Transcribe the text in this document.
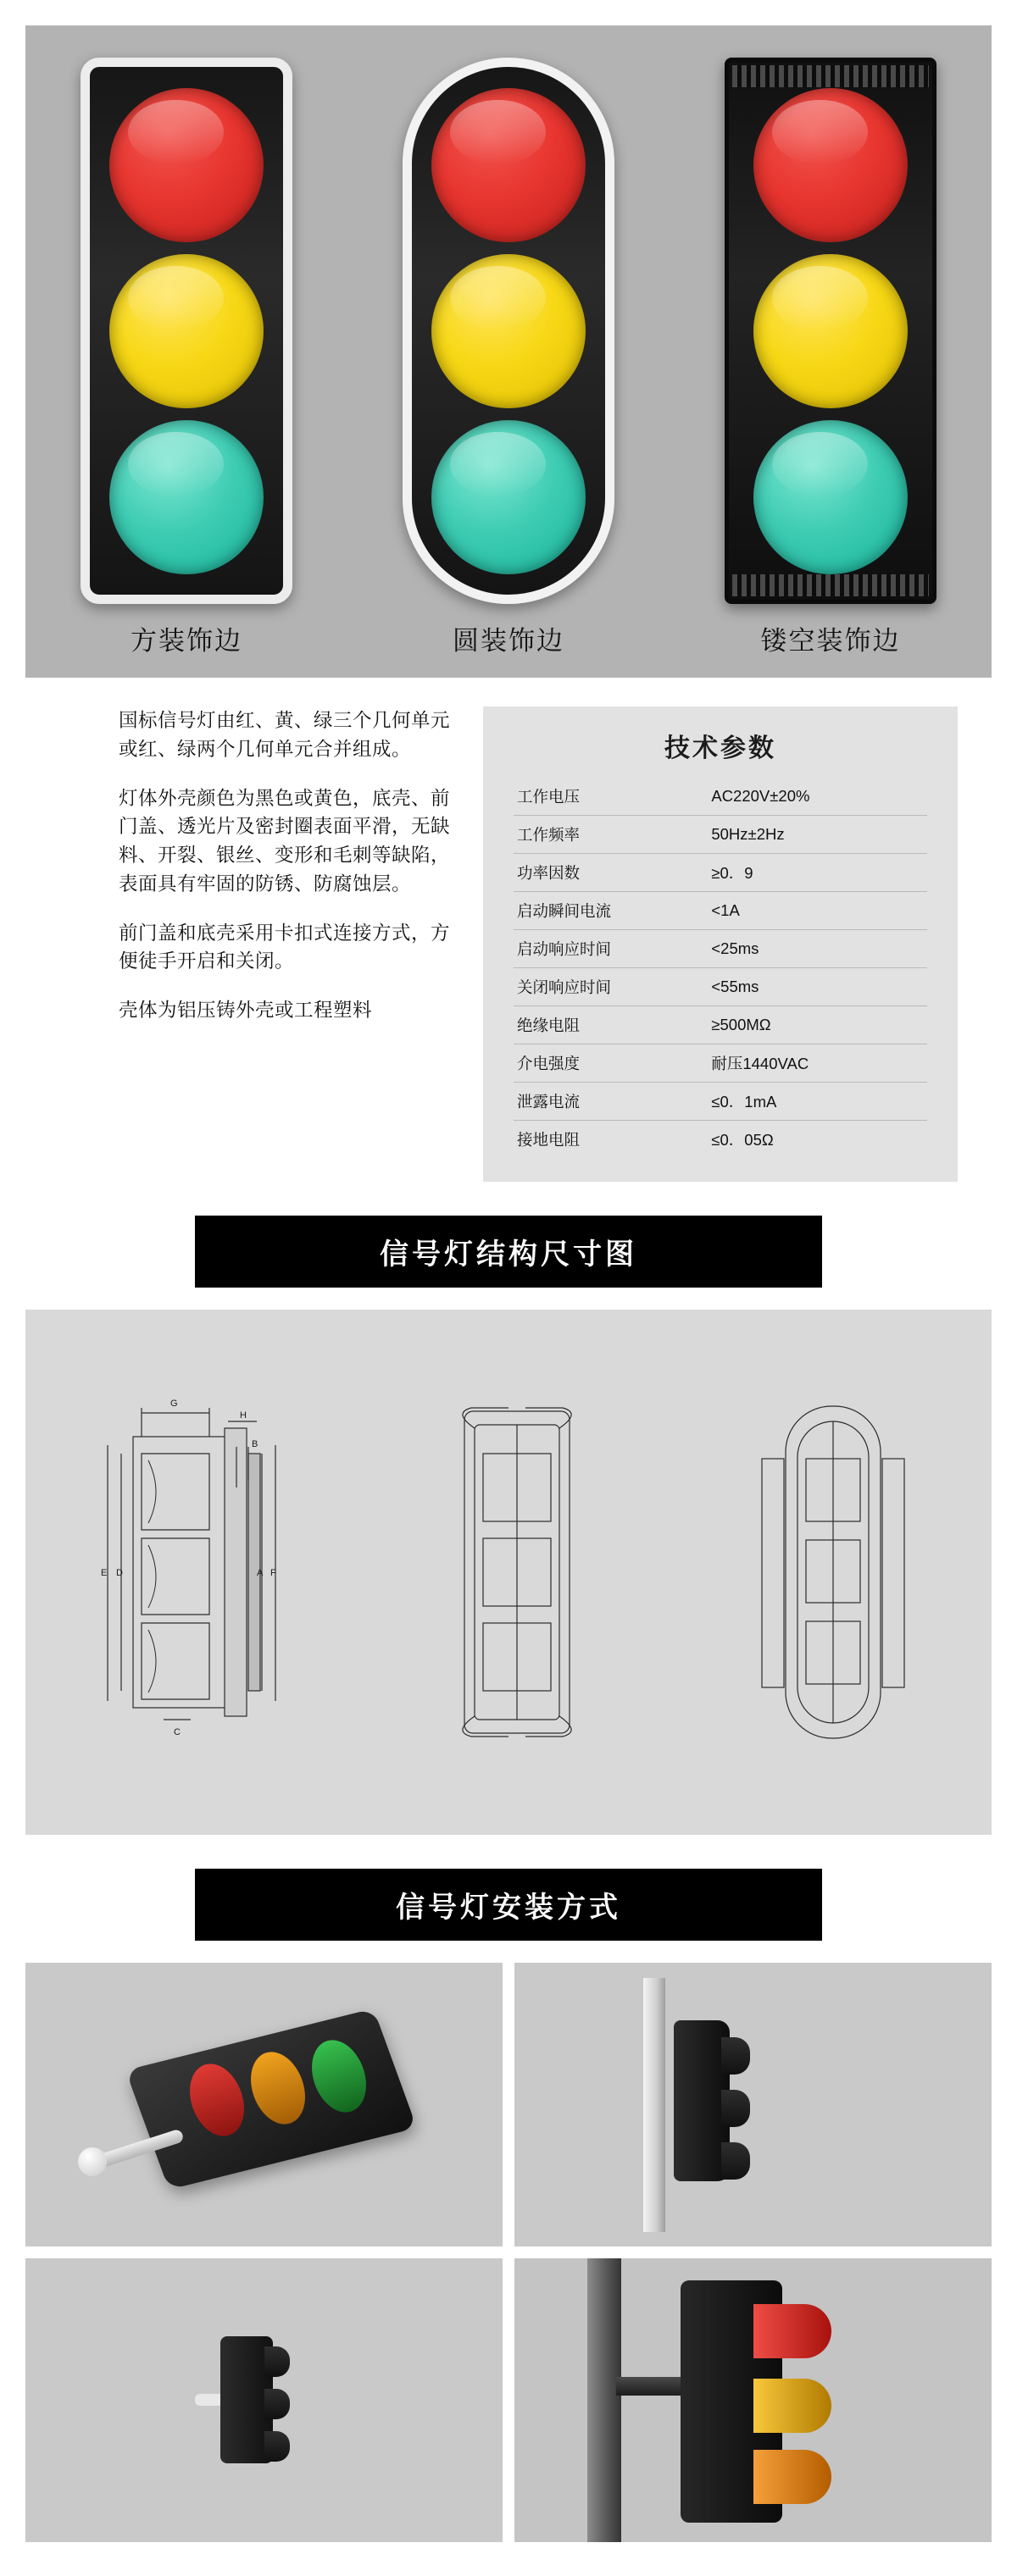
方装饰边	圆装饰边	镂空装饰边

国标信号灯由红、黄、绿三个几何单元或红、绿两个几何单元合并组成。

灯体外壳颜色为黑色或黄色，底壳、前门盖、透光片及密封圈表面平滑，无缺料、开裂、银丝、变形和毛刺等缺陷，表面具有牢固的防锈、防腐蚀层。

前门盖和底壳采用卡扣式连接方式，方便徒手开启和关闭。

壳体为铝压铸外壳或工程塑料

技术参数
工作电压	AC220V±20%
工作频率	50Hz±2Hz
功率因数	≥0．9
启动瞬间电流	<1A
启动响应时间	<25ms
关闭响应时间	<55ms
绝缘电阻	≥500MΩ
介电强度	耐压1440VAC
泄露电流	≤0．1mA
接地电阻	≤0．05Ω
信号灯结构尺寸图
G
H
B
E D	A F
C
信号灯安装方式
